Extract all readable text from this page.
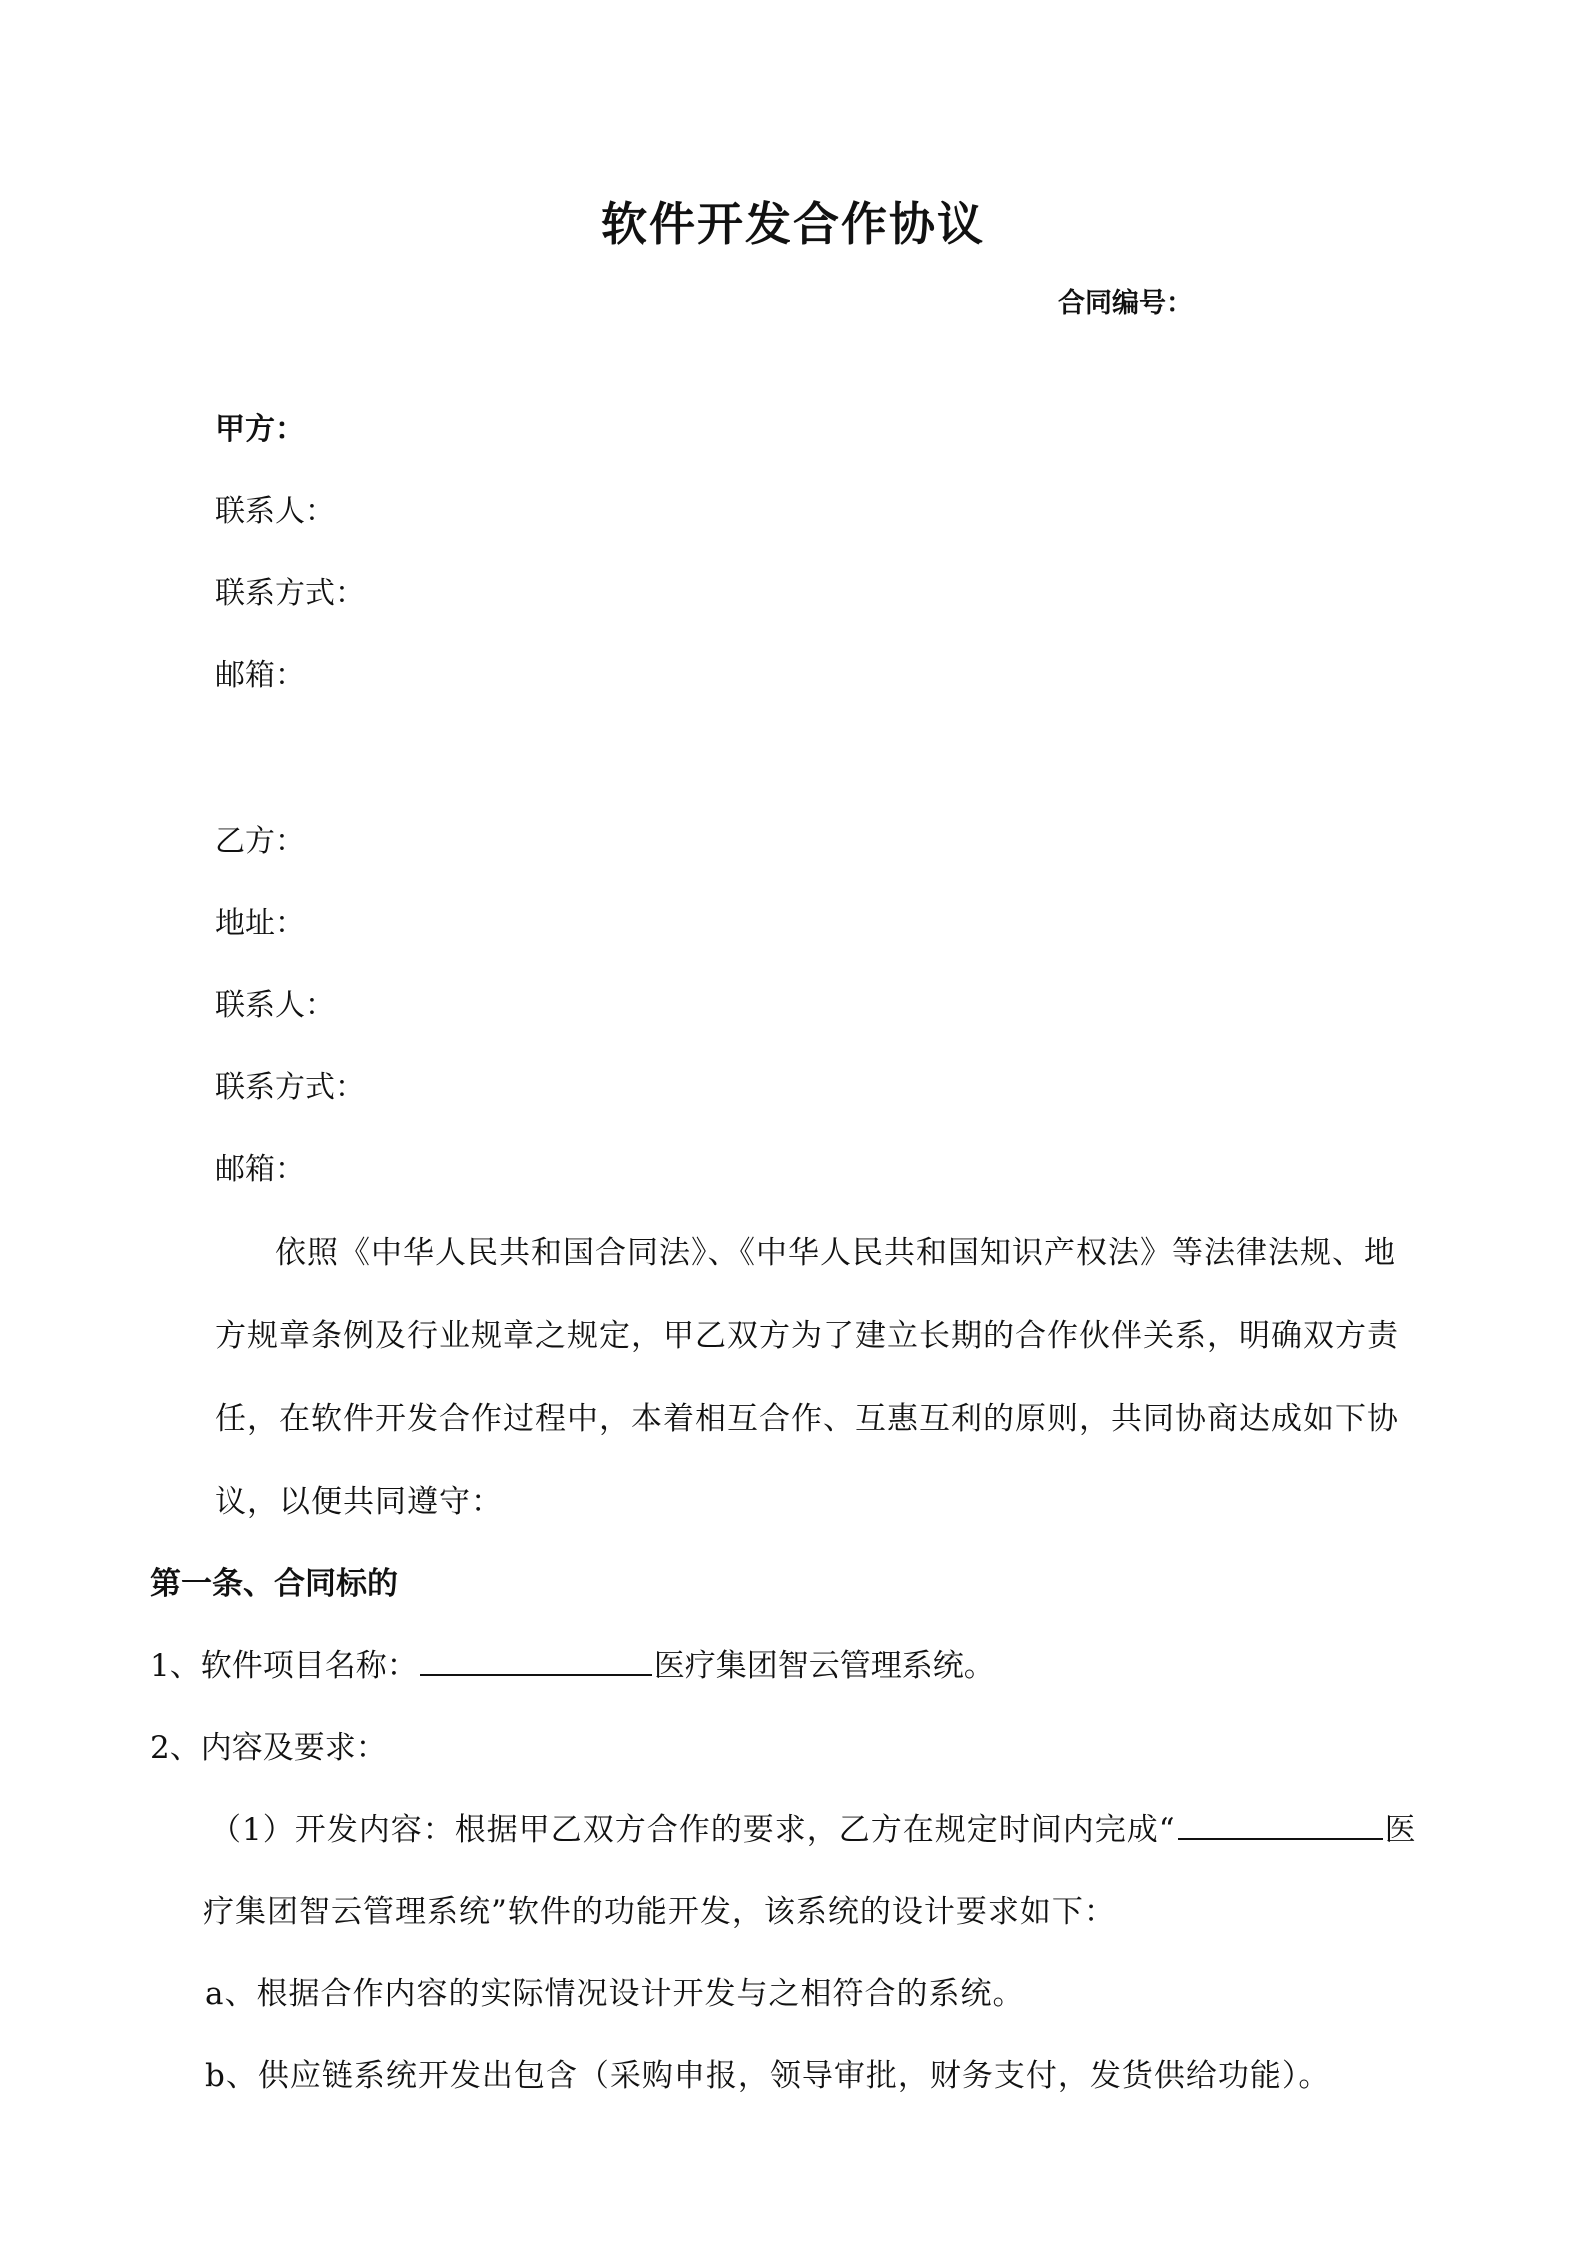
软件开发合作协议
合同编号：
甲方：
联系人：
联系方式：
邮箱：
乙方：
地址：
联系人：
联系方式：
邮箱：
依照《中华人民共和国合同法》、《中华人民共和国知识产权法》等法律法规、地
方规章条例及行业规章之规定，甲乙双方为了建立长期的合作伙伴关系，明确双方责
任，在软件开发合作过程中，本着相互合作、互惠互利的原则，共同协商达成如下协
议，以便共同遵守：
第一条、合同标的
1、软件项目名称：	医疗集团智云管理系统。
2、内容及要求：
（1）开发内容：根据甲乙双方合作的要求，乙方在规定时间内完成“	医
疗集团智云管理系统”软件的功能开发，该系统的设计要求如下：
a、根据合作内容的实际情况设计开发与之相符合的系统。
b、供应链系统开发出包含（采购申报，领导审批，财务支付，发货供给功能）。
